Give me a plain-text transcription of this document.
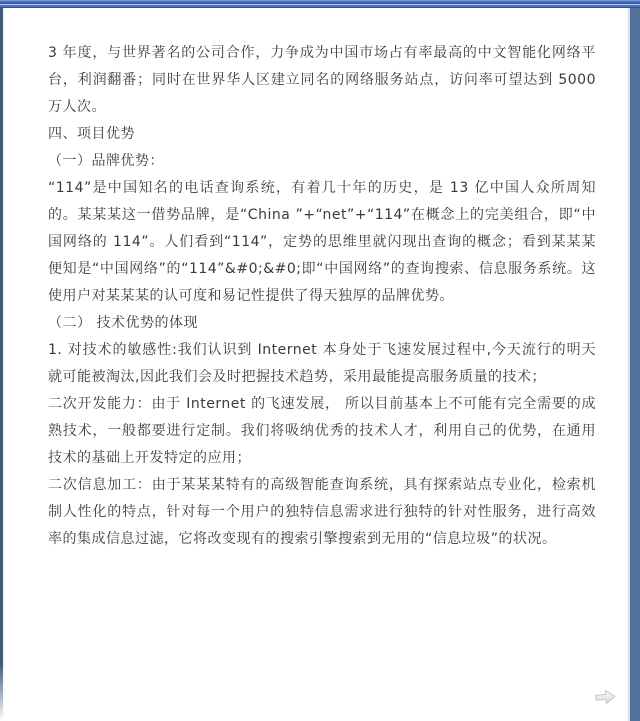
3 年度，与世界著名的公司合作，力争成为中国市场占有率最高的中文智能化网络平台，利润翻番；同时在世界华人区建立同名的网络服务站点，访问率可望达到 5000 万人次。

四、项目优势
（一）品牌优势：

“114”是中国知名的电话查询系统，有着几十年的历史，是 13 亿中国人众所周知的。某某某这一借势品牌，是“China ”+“net”+“114”在概念上的完美组合，即“中国网络的 114”。人们看到“114”，定势的思维里就闪现出查询的概念；看到某某某便知是“中国网络”的“114”&#0;&#0;即“中国网络”的查询搜索、信息服务系统。这使用户对某某某的认可度和易记性提供了得天独厚的品牌优势。

（二） 技术优势的体现

1. 对技术的敏感性:我们认识到 Internet 本身处于飞速发展过程中,今天流行的明天就可能被淘汰,因此我们会及时把握技术趋势，采用最能提高服务质量的技术；

二次开发能力：由于 Internet 的飞速发展， 所以目前基本上不可能有完全需要的成熟技术，一般都要进行定制。我们将吸纳优秀的技术人才，利用自己的优势，在通用技术的基础上开发特定的应用；

二次信息加工：由于某某某特有的高级智能查询系统，具有探索站点专业化，检索机制人性化的特点，针对每一个用户的独特信息需求进行独特的针对性服务，进行高效率的集成信息过滤，它将改变现有的搜索引擎搜索到无用的“信息垃圾”的状况。
